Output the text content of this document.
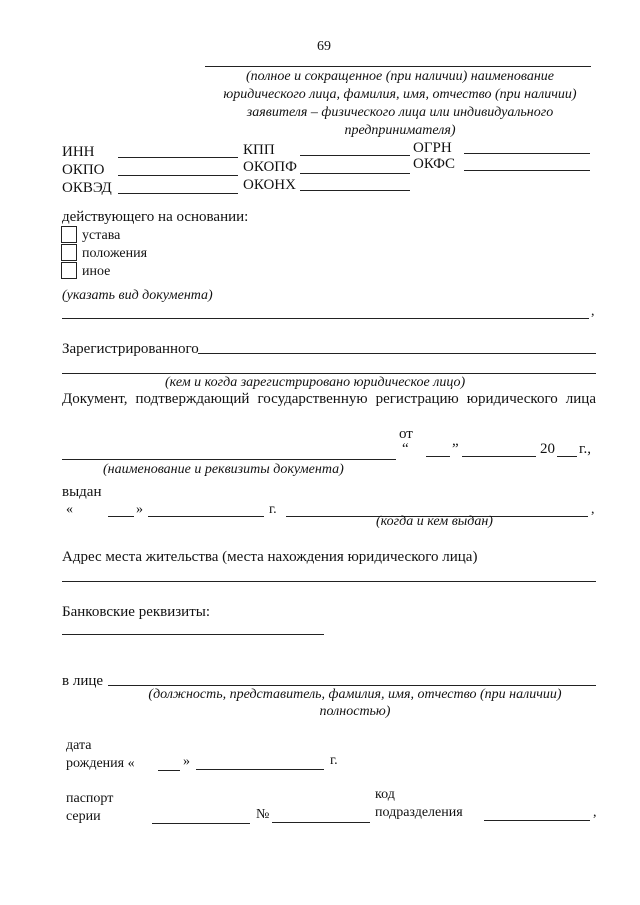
69
(полное и сокращенное (при наличии) наименование
юридического лица, фамилия, имя, отчество (при наличии)
заявителя – физического лица или индивидуального
предпринимателя)
ИНН	КПП	ОГРН
ОКПО	ОКОПФ	ОКФС
ОКВЭД	ОКОНХ
действующего на основании:
устава
положения
иное
(указать вид документа)
,
Зарегистрированного
(кем и когда зарегистрировано юридическое лицо)
Документ, подтверждающий государственную регистрацию юридического лица
от
“	”	20 г.,
(наименование и реквизиты документа)
выдан
«	»	г.	,
(когда и кем выдан)
Адрес места жительства (места нахождения юридического лица)
Банковские реквизиты:
в лице
(должность, представитель, фамилия, имя, отчество (при наличии)
полностью)
дата
рождения «	»	г.
паспорт
серии	№
код
подразделения	,
